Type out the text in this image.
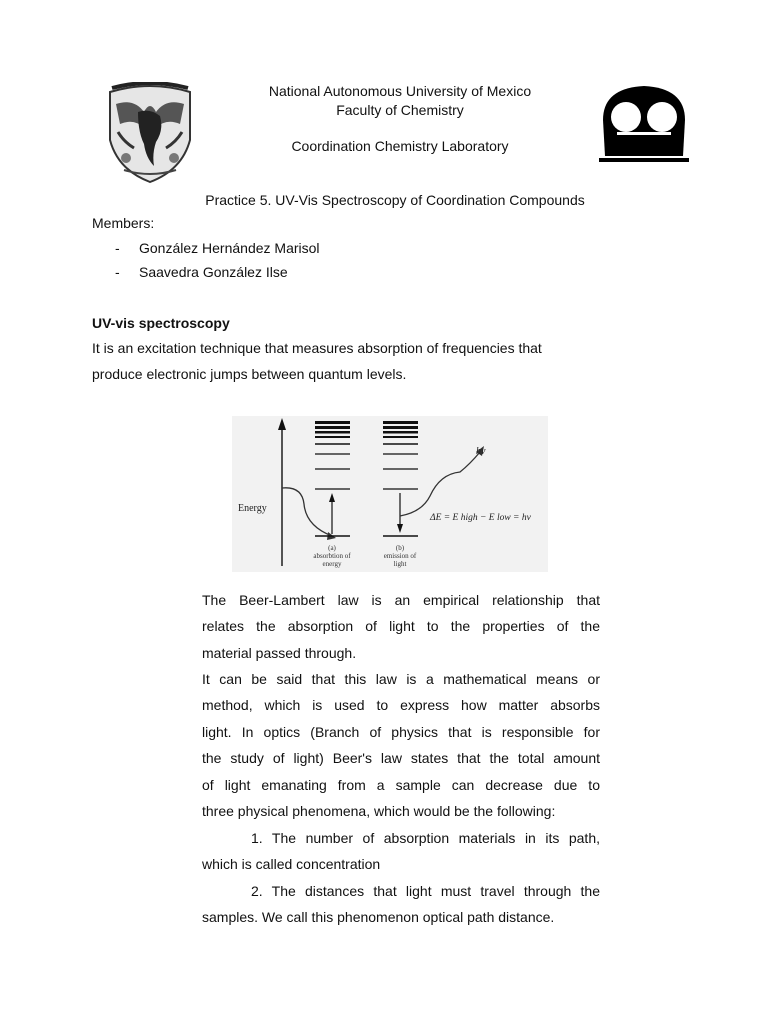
National Autonomous University of Mexico
Faculty of Chemistry
Coordination Chemistry Laboratory
Practice 5. UV-Vis Spectroscopy of Coordination Compounds
Members:
- González Hernández Marisol
- Saavedra González Ilse
UV-vis spectroscopy
It is an excitation technique that measures absorption of frequencies that
produce electronic jumps between quantum levels.
Energy
hv
ΔE = E high − E low = hv
(a)
absorbtion of
energy
(b)
emission of
light
The Beer-Lambert law is an empirical relationship that
relates the absorption of light to the properties of the
material passed through.
It can be said that this law is a mathematical means or
method, which is used to express how matter absorbs
light. In optics (Branch of physics that is responsible for
the study of light) Beer's law states that the total amount
of light emanating from a sample can decrease due to
three physical phenomena, which would be the following:
1. The number of absorption materials in its path,
which is called concentration
2. The distances that light must travel through the
samples. We call this phenomenon optical path distance.
